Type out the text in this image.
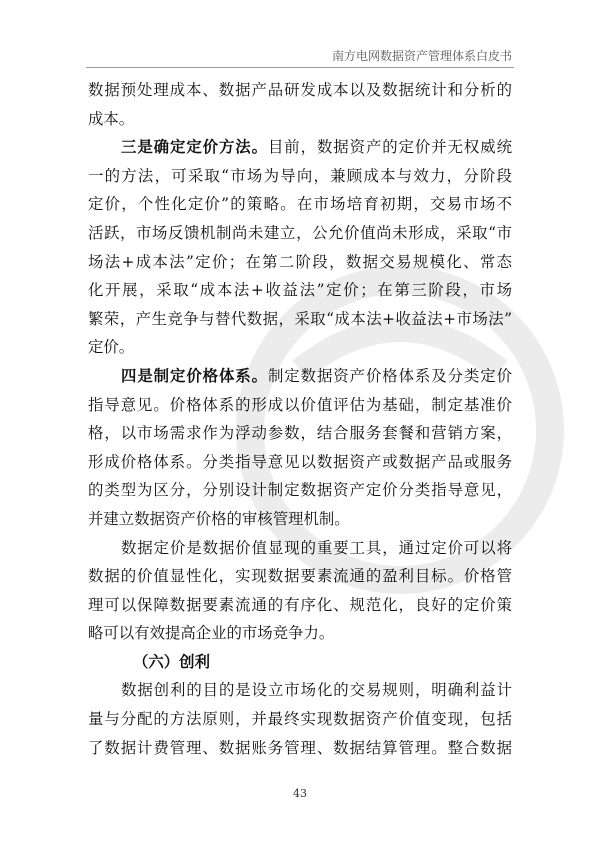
南方电网数据资产管理体系白皮书
数据预处理成本、数据产品研发成本以及数据统计和分析的
成本。
三是确定定价方法。目前，数据资产的定价并无权威统
一的方法，可采取“市场为导向，兼顾成本与效力，分阶段
定价，个性化定价”的策略。在市场培育初期，交易市场不
活跃，市场反馈机制尚未建立，公允价值尚未形成，采取“市
场法+成本法”定价；在第二阶段，数据交易规模化、常态
化开展，采取“成本法+收益法”定价；在第三阶段，市场
繁荣，产生竞争与替代数据，采取“成本法+收益法+市场法”
定价。
四是制定价格体系。制定数据资产价格体系及分类定价
指导意见。价格体系的形成以价值评估为基础，制定基准价
格，以市场需求作为浮动参数，结合服务套餐和营销方案，
形成价格体系。分类指导意见以数据资产或数据产品或服务
的类型为区分，分别设计制定数据资产定价分类指导意见，
并建立数据资产价格的审核管理机制。
数据定价是数据价值显现的重要工具，通过定价可以将
数据的价值显性化，实现数据要素流通的盈利目标。价格管
理可以保障数据要素流通的有序化、规范化，良好的定价策
略可以有效提高企业的市场竞争力。
（六）创利
数据创利的目的是设立市场化的交易规则，明确利益计
量与分配的方法原则，并最终实现数据资产价值变现，包括
了数据计费管理、数据账务管理、数据结算管理。整合数据
43
